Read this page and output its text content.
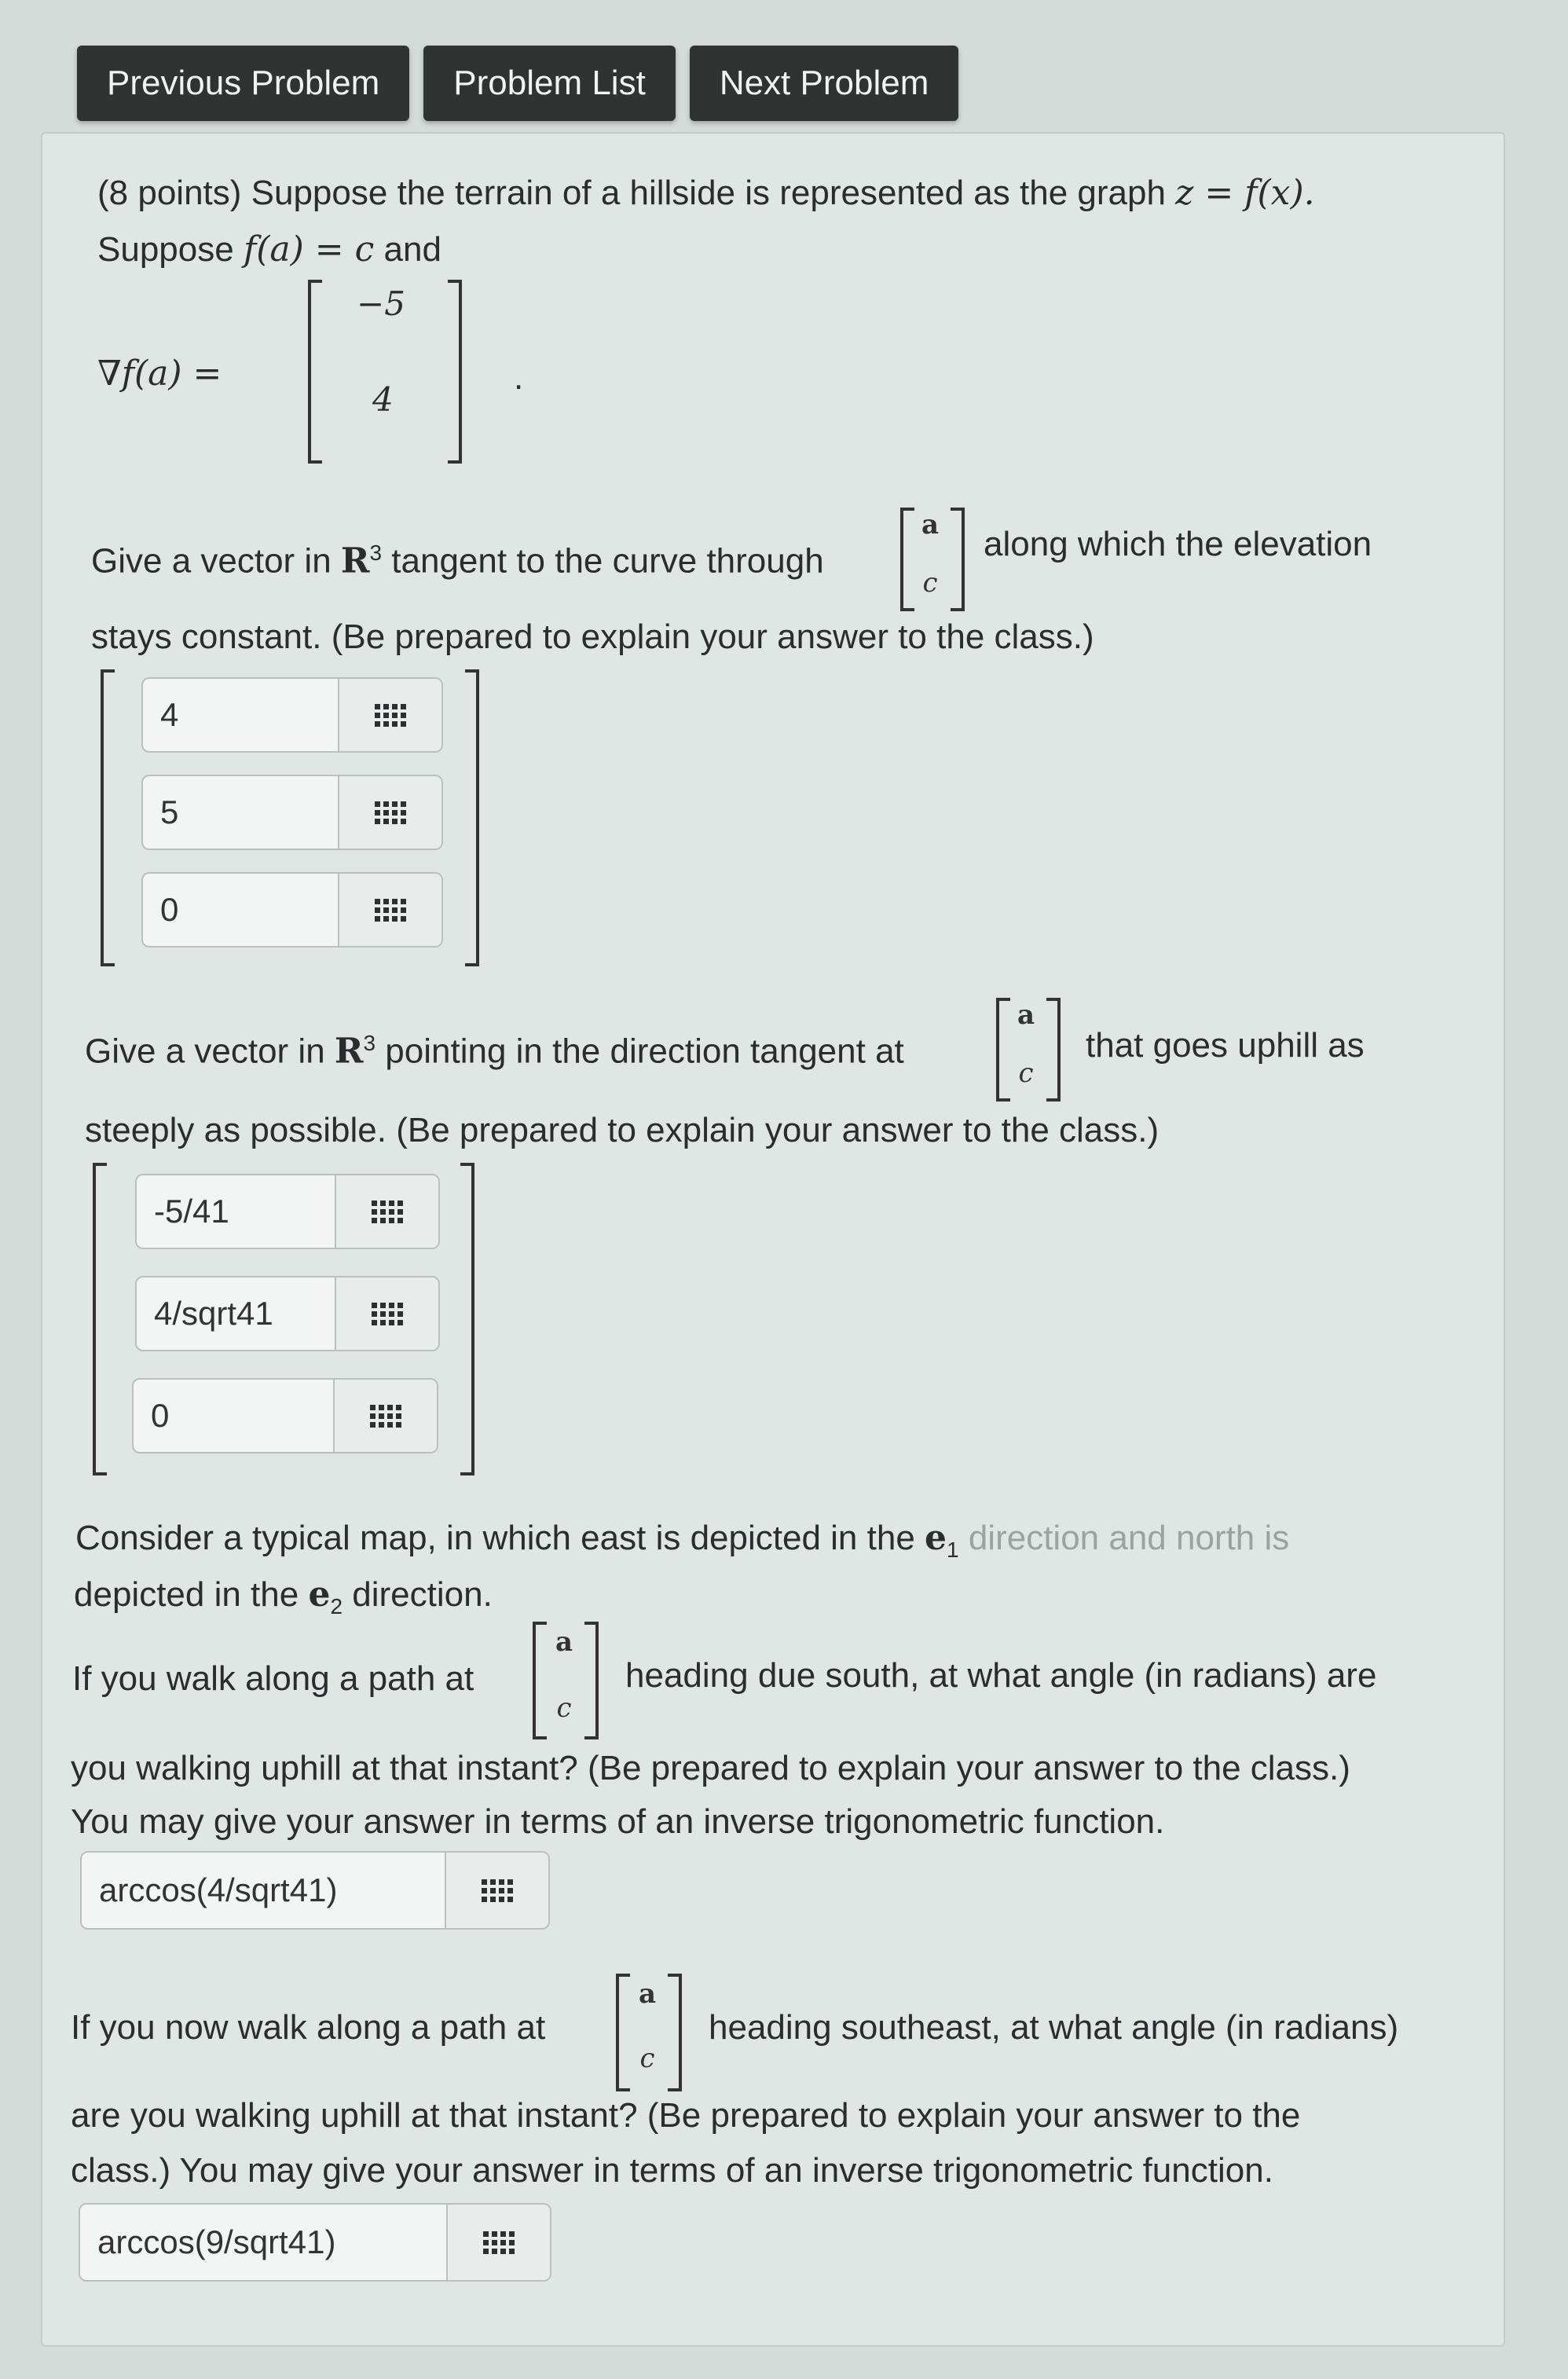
Previous Problem	Problem List	Next Problem
(8 points) Suppose the terrain of a hillside is represented as the graph z = f(x).
Suppose f(a) = c and
∇f(a) =
−5
4
.
Give a vector in $R^3$ tangent to the curve through
a
c
along which the elevation
stays constant. (Be prepared to explain your answer to the class.)
4
5
0
Give a vector in $R^3$ pointing in the direction tangent at
a
c
that goes uphill as
steeply as possible. (Be prepared to explain your answer to the class.)
-5/41
4/sqrt41
0
Consider a typical map, in which east is depicted in the $e_1$ direction and north is
depicted in the $e_2$ direction.
If you walk along a path at
a
c
heading due south, at what angle (in radians) are
you walking uphill at that instant? (Be prepared to explain your answer to the class.)
You may give your answer in terms of an inverse trigonometric function.
arccos(4/sqrt41)
If you now walk along a path at
a
c
heading southeast, at what angle (in radians)
are you walking uphill at that instant? (Be prepared to explain your answer to the
class.) You may give your answer in terms of an inverse trigonometric function.
arccos(9/sqrt41)
